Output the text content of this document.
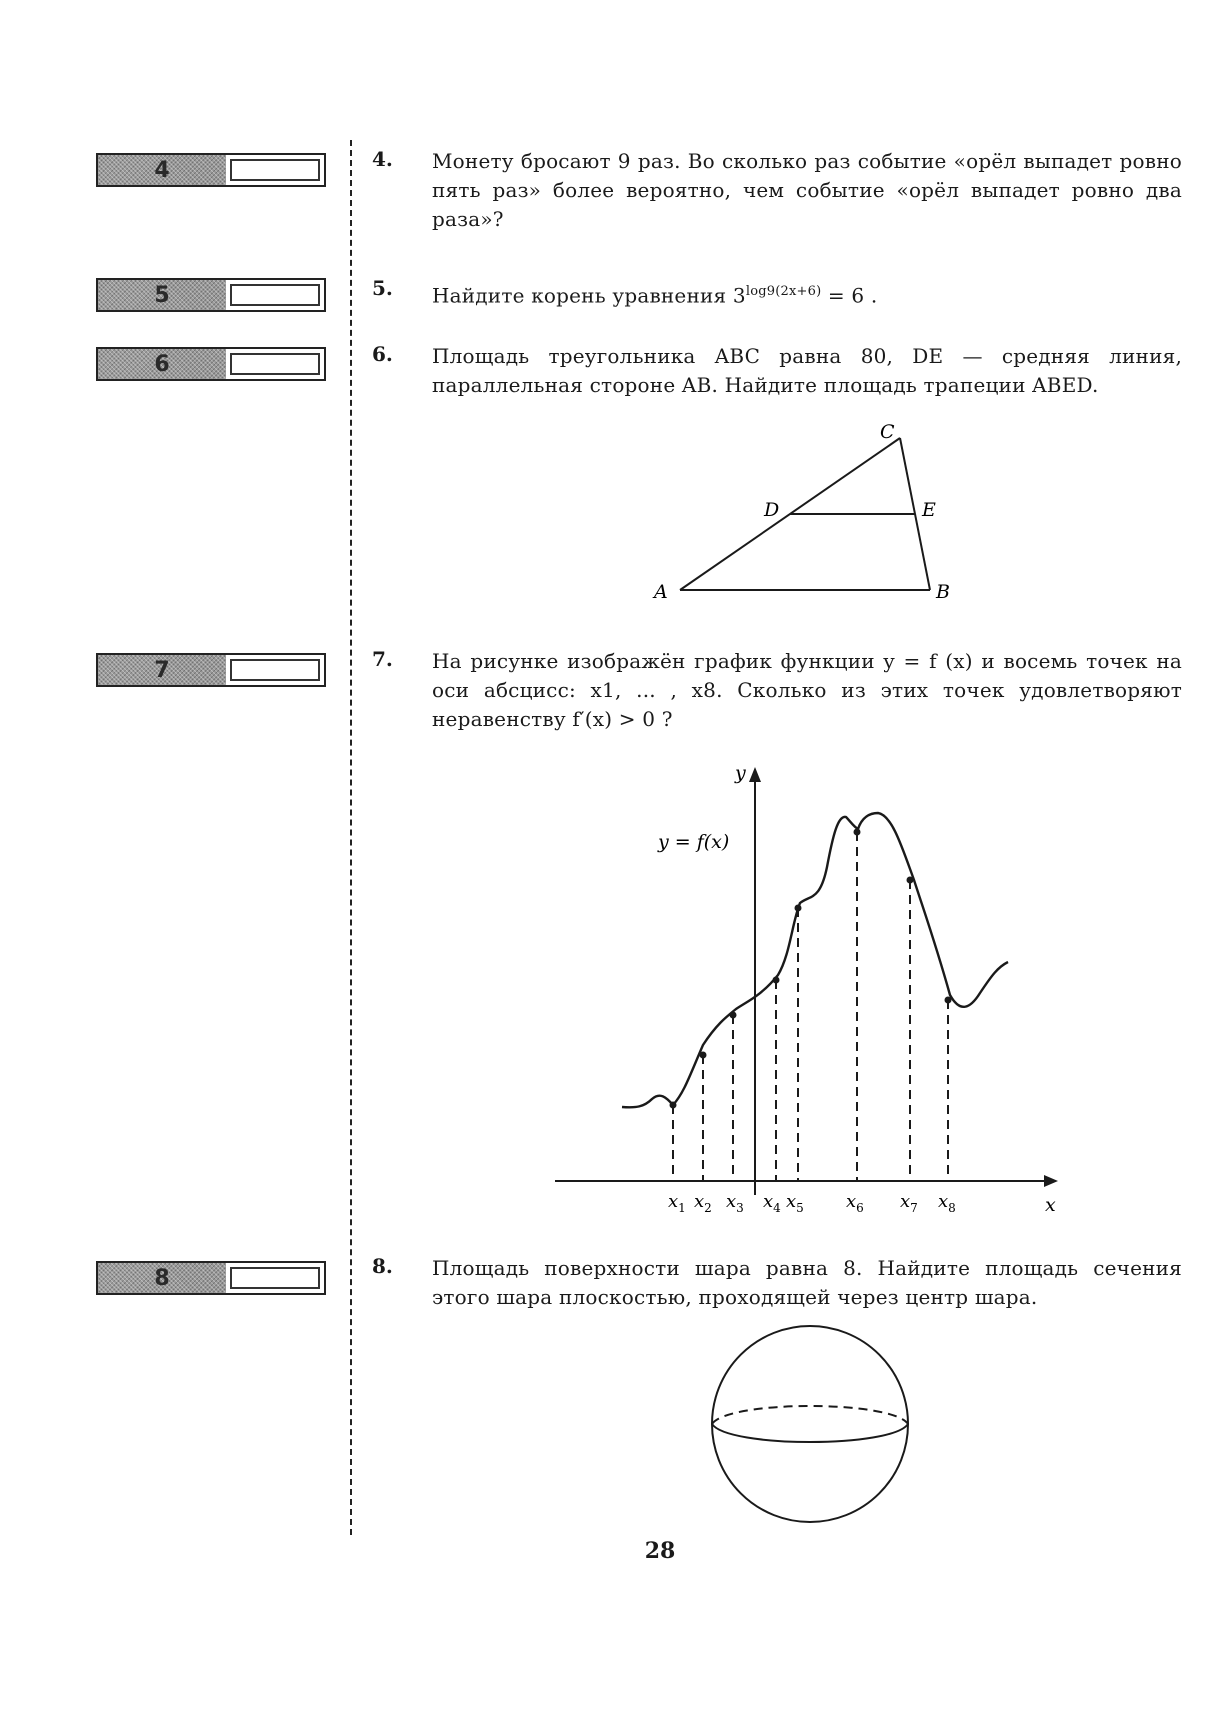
4
5
6
7
8
4. Монету бросают 9 раз. Во сколько раз событие «орёл выпадет ровно пять раз» более вероятно, чем событие «орёл выпадет ровно два раза»?
5. Найдите корень уравнения $3^{log9(2x+6)} = 6$ .
6. Площадь треугольника ABC равна 80, DE — средняя линия, параллельная стороне AB. Найдите площадь трапеции ABED.
A	B
C
D	E
7. На рисунке изображён график функции y = f (x) и восемь точек на оси абсцисс: x1, ... , x8. Сколько из этих точек удовлетворяют неравенству f′(x) > 0 ?
$x_1$ $x_2$ $x_3$ $x_4$ $x_5$ $x_6$ $x_7$ $x_8$
y = f(x)
y
x
8. Площадь поверхности шара равна 8. Найдите площадь сечения этого шара плоскостью, проходящей через центр шара.
28
